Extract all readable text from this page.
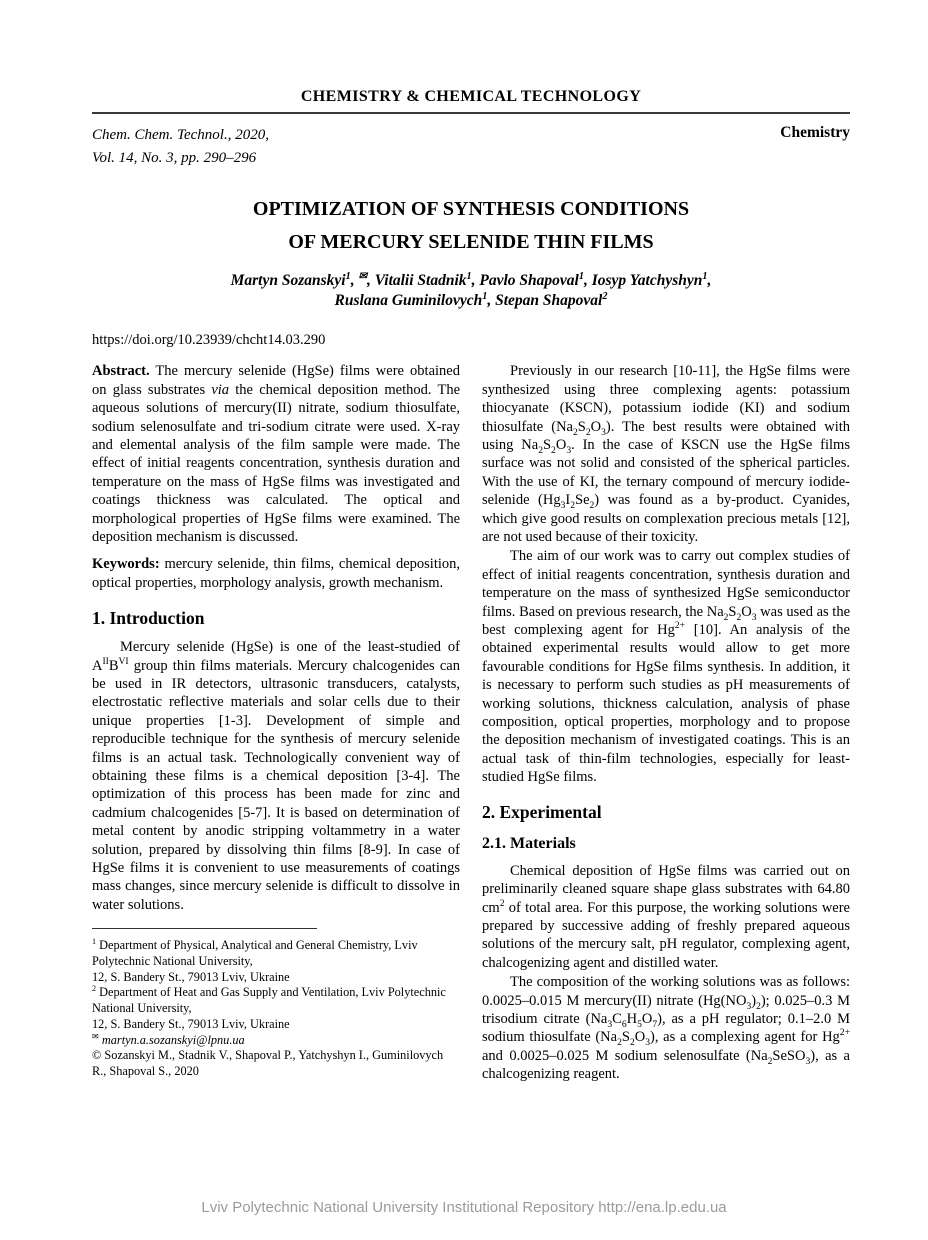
CHEMISTRY & CHEMICAL TECHNOLOGY
Chem. Chem. Technol., 2020,
Vol. 14, No. 3, pp. 290–296
Chemistry
OPTIMIZATION OF SYNTHESIS CONDITIONS
OF MERCURY SELENIDE THIN FILMS
Martyn Sozanskyi$^1$, ✉, Vitalii Stadnik$^1$, Pavlo Shapoval$^1$, Iosyp Yatchyshyn$^1$,
Ruslana Guminilovych$^1$, Stepan Shapoval$^2$
https://doi.org/10.23939/chcht14.03.290

Abstract. The mercury selenide (HgSe) films were obtained on glass substrates via the chemical deposition method. The aqueous solutions of mercury(II) nitrate, sodium thiosulfate, sodium selenosulfate and tri-sodium citrate were used. X-ray and elemental analysis of the film sample were made. The effect of initial reagents concentration, synthesis duration and temperature on the mass of HgSe films was investigated and coatings thickness was calculated. The optical and morphological properties of HgSe films were examined. The deposition mechanism is discussed.

Keywords: mercury selenide, thin films, chemical deposition, optical properties, morphology analysis, growth mechanism.

1. Introduction

Mercury selenide (HgSe) is one of the least-studied of $A^{II}B^{VI}$ group thin films materials. Mercury chalcogenides can be used in IR detectors, ultrasonic transducers, catalysts, electrostatic reflective materials and solar cells due to their unique properties [1-3]. Development of simple and reproducible technique for the synthesis of mercury selenide films is an actual task. Technologically convenient way of obtaining these films is a chemical deposition [3-4]. The optimization of this process has been made for zinc and cadmium chalcogenides [5-7]. It is based on determination of metal content by anodic stripping voltammetry in a water solution, prepared by dissolving thin films [8-9]. In case of HgSe films it is convenient to use measurements of coatings mass changes, since mercury selenide is difficult to dissolve in water solutions.

$^1$ Department of Physical, Analytical and General Chemistry, Lviv Polytechnic National University,
12, S. Bandery St., 79013 Lviv, Ukraine
$^2$ Department of Heat and Gas Supply and Ventilation, Lviv Polytechnic National University,
12, S. Bandery St., 79013 Lviv, Ukraine
✉ martyn.a.sozanskyi@lpnu.ua
© Sozanskyi M., Stadnik V., Shapoval P., Yatchyshyn I., Guminilovych R., Shapoval S., 2020

Previously in our research [10-11], the HgSe films were synthesized using three complexing agents: potassium thiocyanate (KSCN), potassium iodide (KI) and sodium thiosulfate $(Na_2S_2O_3)$. The best results were obtained with using $Na_2S_2O_3$. In the case of KSCN use the HgSe films surface was not solid and consisted of the spherical particles. With the use of KI, the ternary compound of mercury iodide-selenide $(Hg_3I_2Se_2)$ was found as a by-product. Cyanides, which give good results on complexation precious metals [12], are not used because of their toxicity.

The aim of our work was to carry out complex studies of effect of initial reagents concentration, synthesis duration and temperature on the mass of synthesized HgSe semiconductor films. Based on previous research, the $Na_2S_2O_3$ was used as the best complexing agent for $Hg^{2+}$ [10]. An analysis of the obtained experimental results would allow to get more favourable conditions for HgSe films synthesis. In addition, it is necessary to perform such studies as pH measurements of working solutions, thickness calculation, analysis of phase composition, optical properties, morphology and to propose the deposition mechanism of investigated coatings. This is an actual task of thin-film technologies, especially for least-studied HgSe films.

2. Experimental
2.1. Materials

Chemical deposition of HgSe films was carried out on preliminarily cleaned square shape glass substrates with 64.80 $cm^2$ of total area. For this purpose, the working solutions were prepared by successive adding of freshly prepared aqueous solutions of the mercury salt, pH regulator, complexing agent, chalcogenizing agent and distilled water.

The composition of the working solutions was as follows: 0.0025–0.015 M mercury(II) nitrate $(Hg(NO_3)_2)$; 0.025–0.3 M trisodium citrate $(Na_3C_6H_5O_7)$, as a pH regulator; 0.1–2.0 M sodium thiosulfate $(Na_2S_2O_3)$, as a complexing agent for $Hg^{2+}$ and 0.0025–0.025 M sodium selenosulfate $(Na_2SeSO_3)$, as a chalcogenizing reagent.

Lviv Polytechnic National University Institutional Repository http://ena.lp.edu.ua
